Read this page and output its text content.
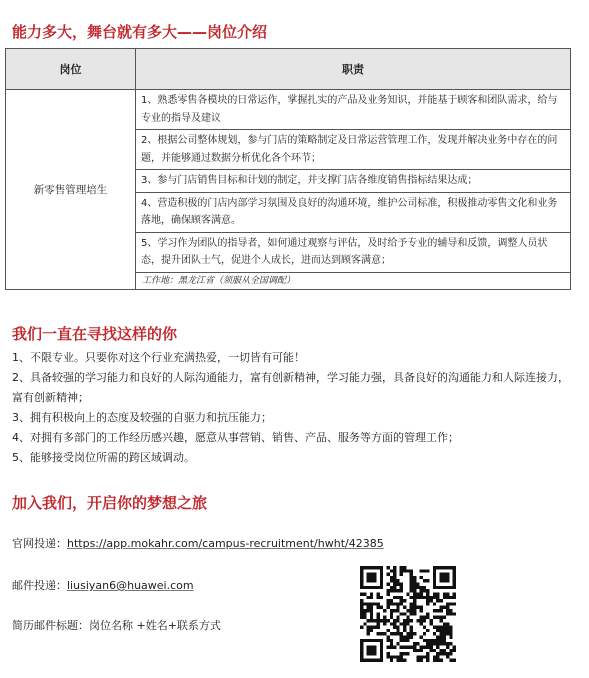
能力多大，舞台就有多大——岗位介绍
岗位	职责
新零售管理培生	1、熟悉零售各模块的日常运作，掌握扎实的产品及业务知识，并能基于顾客和团队需求，给与专业的指导及建议
	2、根据公司整体规划，参与门店的策略制定及日常运营管理工作，发现并解决业务中存在的问题，并能够通过数据分析优化各个环节；
	3、参与门店销售目标和计划的制定，并支撑门店各维度销售指标结果达成；
	4、营造积极的门店内部学习氛围及良好的沟通环境，维护公司标准，积极推动零售文化和业务落地，确保顾客满意。
	5、学习作为团队的指导者，如何通过观察与评估，及时给予专业的辅导和反馈，调整人员状态，提升团队士气，促进个人成长，进而达到顾客满意；
	工作地：黑龙江省（须服从全国调配）
我们一直在寻找这样的你

1、不限专业。只要你对这个行业充满热爱，一切皆有可能！

2、具备较强的学习能力和良好的人际沟通能力，富有创新精神，学习能力强，具备良好的沟通能力和人际连接力，富有创新精神；

3、拥有积极向上的态度及较强的自驱力和抗压能力；

4、对拥有多部门的工作经历感兴趣，愿意从事营销、销售、产品、服务等方面的管理工作；

5、能够接受岗位所需的跨区域调动。

加入我们，开启你的梦想之旅
官网投递：https://app.mokahr.com/campus-recruitment/hwht/42385
邮件投递：liusiyan6@huawei.com
简历邮件标题：岗位名称 +姓名+联系方式
